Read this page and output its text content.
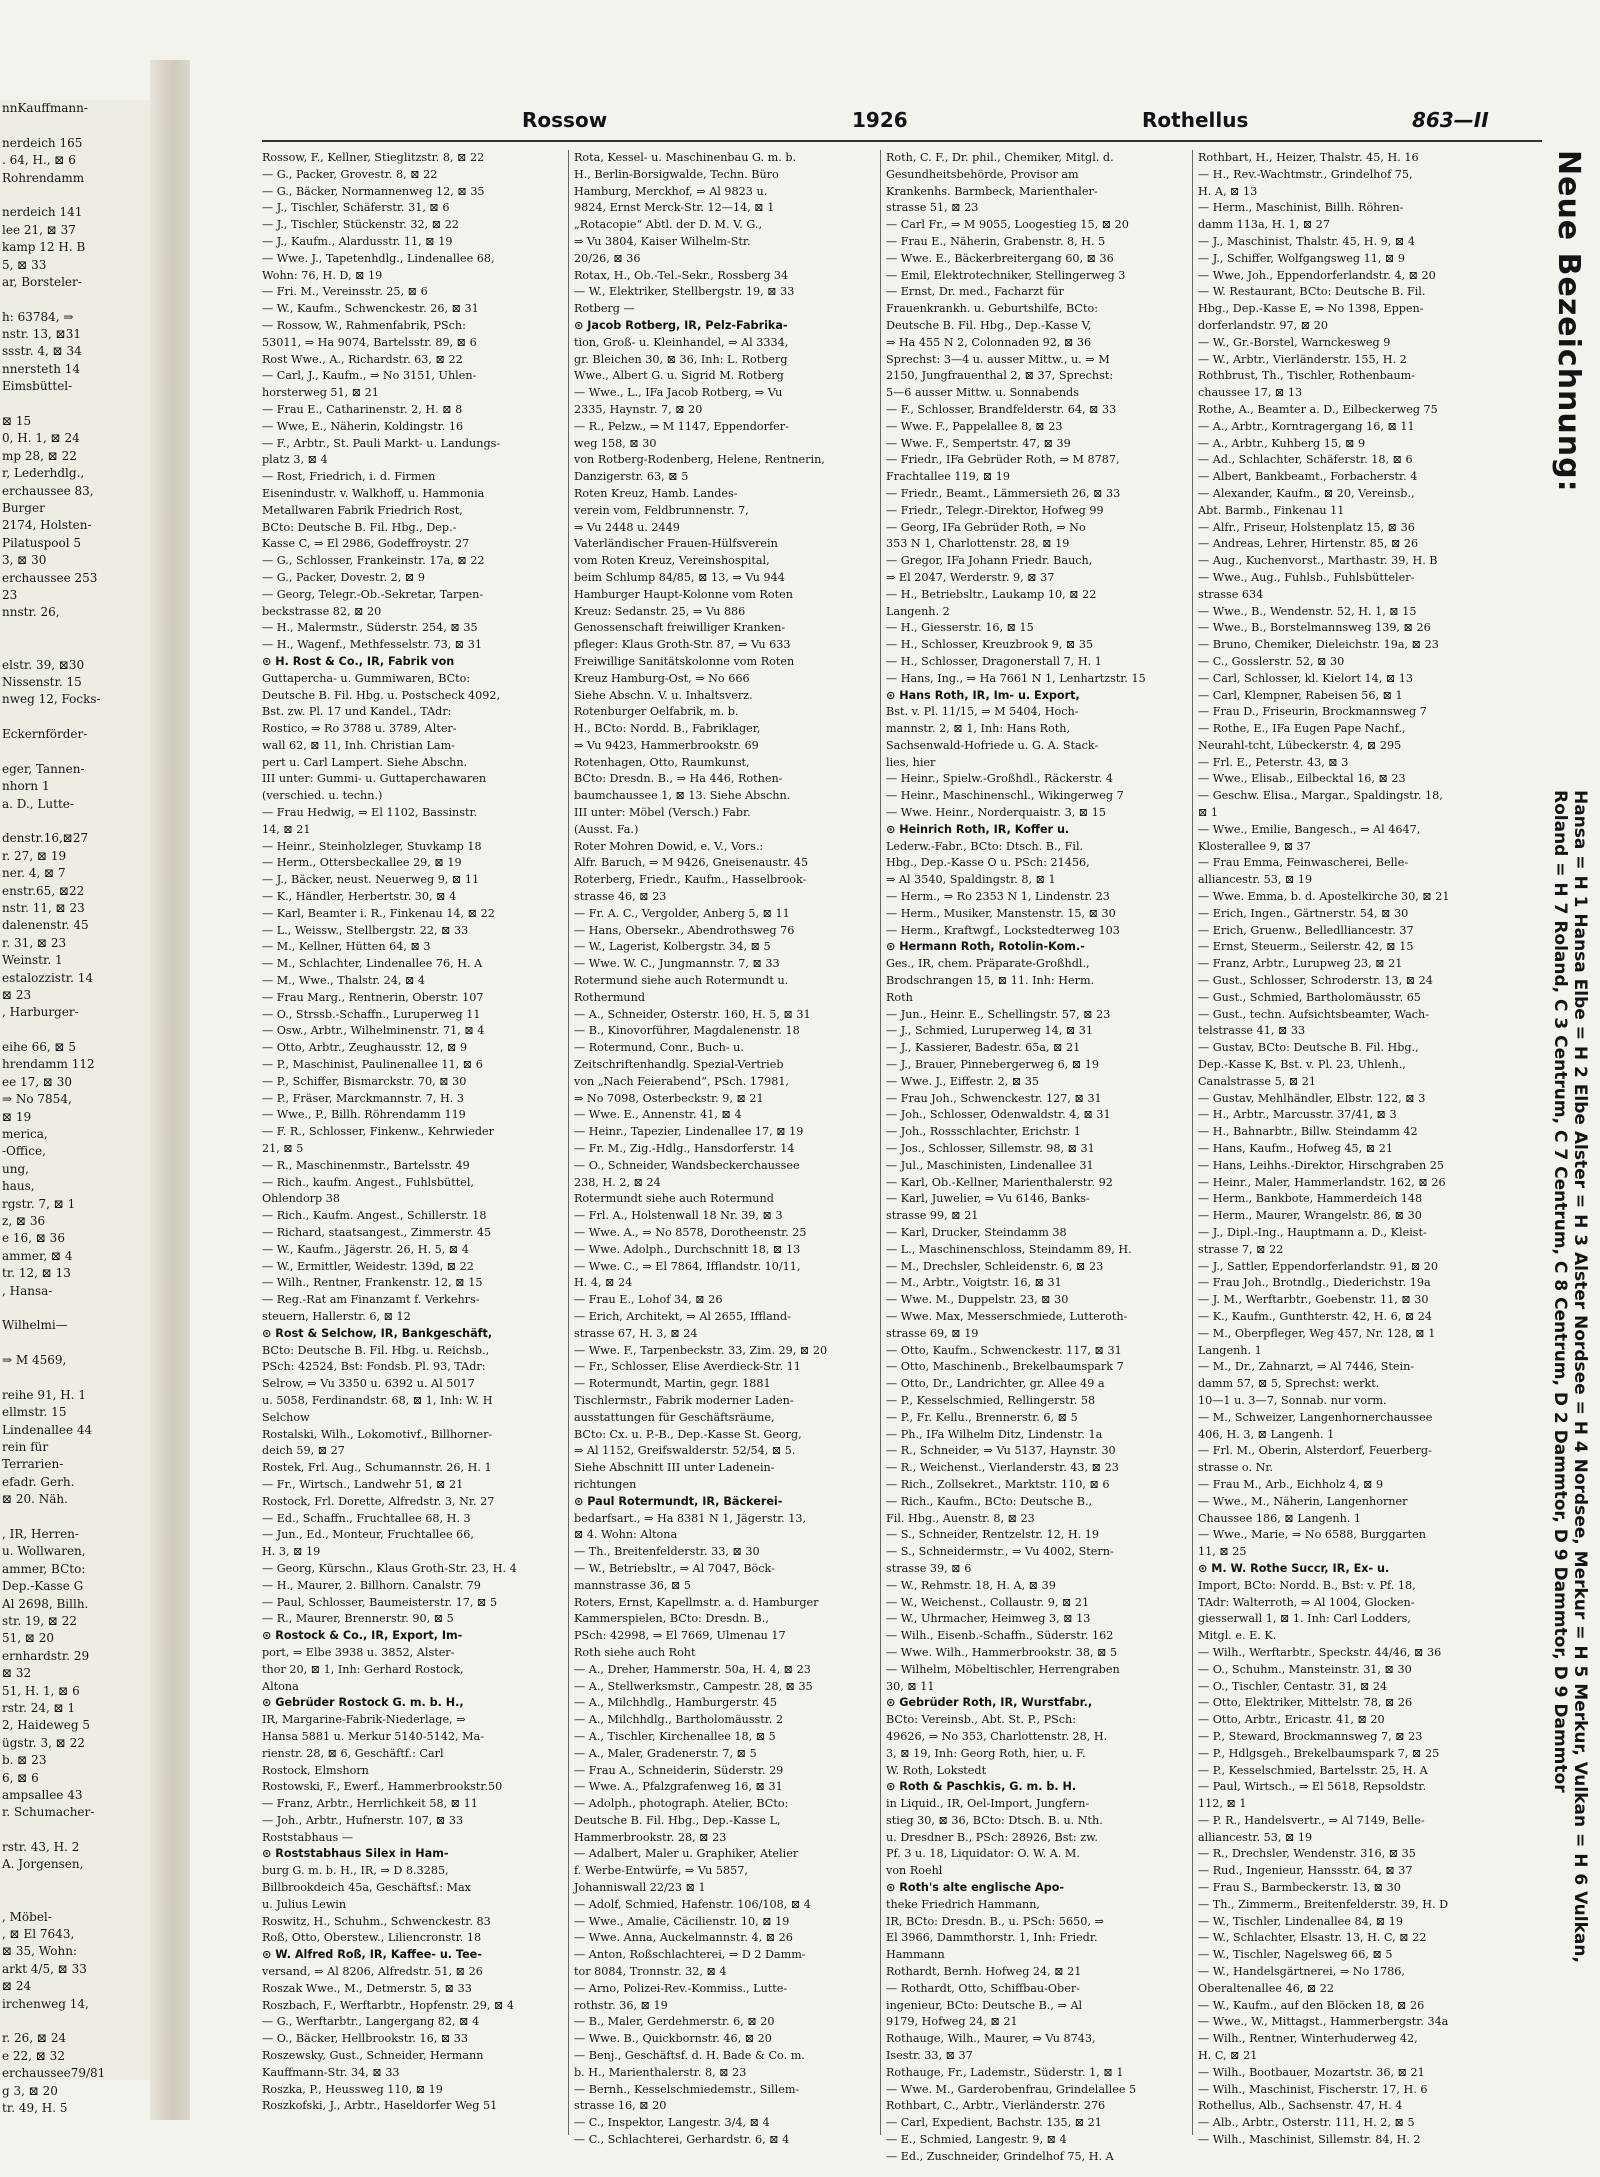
nnKauffmann-
nerdeich 165
. 64, H., ⊠ 6
Rohrendamm
nerdeich 141
lee 21, ⊠ 37
kamp 12 H. B
5, ⊠ 33
ar, Borsteler-
h: 63784, ⇒
nstr. 13, ⊠31
ssstr. 4, ⊠ 34
nnersteth 14
Eimsbüttel-
⊠ 15
0, H. 1, ⊠ 24
mp 28, ⊠ 22
r, Lederhdlg.,
erchaussee 83,
Burger
2174, Holsten-
Pilatuspool 5
3, ⊠ 30
erchaussee 253
23
nnstr. 26,
elstr. 39, ⊠30
Nissenstr. 15
nweg 12, Focks-
Eckernförder-
eger, Tannen-
nhorn 1
a. D., Lutte-
denstr.16,⊠27
r. 27, ⊠ 19
ner. 4, ⊠ 7
enstr.65, ⊠22
nstr. 11, ⊠ 23
dalenenstr. 45
r. 31, ⊠ 23
Weinstr. 1
estalozzistr. 14
⊠ 23
, Harburger-
eihe 66, ⊠ 5
hrendamm 112
ee 17, ⊠ 30
⇒ No 7854,
⊠ 19
merica,
-Office,
ung,
haus,
rgstr. 7, ⊠ 1
z, ⊠ 36
e 16, ⊠ 36
ammer, ⊠ 4
tr. 12, ⊠ 13
, Hansa-
Wilhelmi—
⇒ M 4569,
reihe 91, H. 1
ellmstr. 15
Lindenallee 44
rein für
Terrarien-
efadr. Gerh.
⊠ 20. Näh.
, IR, Herren-
u. Wollwaren,
ammer, BCto:
Dep.-Kasse G
Al 2698, Billh.
str. 19, ⊠ 22
51, ⊠ 20
ernhardstr. 29
⊠ 32
51, H. 1, ⊠ 6
rstr. 24, ⊠ 1
2, Haideweg 5
ügstr. 3, ⊠ 22
b. ⊠ 23
6, ⊠ 6
ampsallee 43
r. Schumacher-
rstr. 43, H. 2
A. Jorgensen,
, Möbel-
, ⊠ El 7643,
⊠ 35, Wohn:
arkt 4/5, ⊠ 33
⊠ 24
irchenweg 14,
r. 26, ⊠ 24
e 22, ⊠ 32
erchaussee79/81
g 3, ⊠ 20
tr. 49, H. 5
Rossow	1926	Rothellus	863—II
Rossow, F., Kellner, Stieglitzstr. 8, ⊠ 22
— G., Packer, Grovestr. 8, ⊠ 22
— G., Bäcker, Normannenweg 12, ⊠ 35
— J., Tischler, Schäferstr. 31, ⊠ 6
— J., Tischler, Stückenstr. 32, ⊠ 22
— J., Kaufm., Alardusstr. 11, ⊠ 19
— Wwe. J., Tapetenhdlg., Lindenallee 68,
Wohn: 76, H. D, ⊠ 19
— Fri. M., Vereinsstr. 25, ⊠ 6
— W., Kaufm., Schwenckestr. 26, ⊠ 31
— Rossow, W., Rahmenfabrik, PSch:
53011, ⇒ Ha 9074, Bartelsstr. 89, ⊠ 6
Rost Wwe., A., Richardstr. 63, ⊠ 22
— Carl, J., Kaufm., ⇒ No 3151, Uhlen-
horsterweg 51, ⊠ 21
— Frau E., Catharinenstr. 2, H. ⊠ 8
— Wwe, E., Näherin, Koldingstr. 16
— F., Arbtr., St. Pauli Markt- u. Landungs-
platz 3, ⊠ 4
— Rost, Friedrich, i. d. Firmen
Eisenindustr. v. Walkhoff, u. Hammonia
Metallwaren Fabrik Friedrich Rost,
BCto: Deutsche B. Fil. Hbg., Dep.-
Kasse C, ⇒ El 2986, Godeffroystr. 27
— G., Schlosser, Frankeinstr. 17a, ⊠ 22
— G., Packer, Dovestr. 2, ⊠ 9
— Georg, Telegr.-Ob.-Sekretar, Tarpen-
beckstrasse 82, ⊠ 20
— H., Malermstr., Süderstr. 254, ⊠ 35
— H., Wagenf., Methfesselstr. 73, ⊠ 31
⊙ H. Rost & Co., IR, Fabrik von
Guttapercha- u. Gummiwaren, BCto:
Deutsche B. Fil. Hbg. u. Postscheck 4092,
Bst. zw. Pl. 17 und Kandel., TAdr:
Rostico, ⇒ Ro 3788 u. 3789, Alter-
wall 62, ⊠ 11, Inh. Christian Lam-
pert u. Carl Lampert. Siehe Abschn.
III unter: Gummi- u. Guttaperchawaren
(verschied. u. techn.)
— Frau Hedwig, ⇒ El 1102, Bassinstr.
14, ⊠ 21
— Heinr., Steinholzleger, Stuvkamp 18
— Herm., Ottersbeckallee 29, ⊠ 19
— J., Bäcker, neust. Neuerweg 9, ⊠ 11
— K., Händler, Herbertstr. 30, ⊠ 4
— Karl, Beamter i. R., Finkenau 14, ⊠ 22
— L., Weissw., Stellbergstr. 22, ⊠ 33
— M., Kellner, Hütten 64, ⊠ 3
— M., Schlachter, Lindenallee 76, H. A
— M., Wwe., Thalstr. 24, ⊠ 4
— Frau Marg., Rentnerin, Oberstr. 107
— O., Strssb.-Schaffn., Luruperweg 11
— Osw., Arbtr., Wilhelminenstr. 71, ⊠ 4
— Otto, Arbtr., Zeughausstr. 12, ⊠ 9
— P., Maschinist, Paulinenallee 11, ⊠ 6
— P., Schiffer, Bismarckstr. 70, ⊠ 30
— P., Fräser, Marckmannstr. 7, H. 3
— Wwe., P., Billh. Röhrendamm 119
— F. R., Schlosser, Finkenw., Kehrwieder
21, ⊠ 5
— R., Maschinenmstr., Bartelsstr. 49
— Rich., kaufm. Angest., Fuhlsbüttel,
Ohlendorp 38
— Rich., Kaufm. Angest., Schillerstr. 18
— Richard, staatsangest., Zimmerstr. 45
— W., Kaufm., Jägerstr. 26, H. 5, ⊠ 4
— W., Ermittler, Weidestr. 139d, ⊠ 22
— Wilh., Rentner, Frankenstr. 12, ⊠ 15
— Reg.-Rat am Finanzamt f. Verkehrs-
steuern, Hallerstr. 6, ⊠ 12
⊙ Rost & Selchow, IR, Bankgeschäft,
BCto: Deutsche B. Fil. Hbg. u. Reichsb.,
PSch: 42524, Bst: Fondsb. Pl. 93, TAdr:
Selrow, ⇒ Vu 3350 u. 6392 u. Al 5017
u. 5058, Ferdinandstr. 68, ⊠ 1, Inh: W. H
Selchow
Rostalski, Wilh., Lokomotivf., Billhorner-
deich 59, ⊠ 27
Rostek, Frl. Aug., Schumannstr. 26, H. 1
— Fr., Wirtsch., Landwehr 51, ⊠ 21
Rostock, Frl. Dorette, Alfredstr. 3, Nr. 27
— Ed., Schaffn., Fruchtallee 68, H. 3
— Jun., Ed., Monteur, Fruchtallee 66,
H. 3, ⊠ 19
— Georg, Kürschn., Klaus Groth-Str. 23, H. 4
— H., Maurer, 2. Billhorn. Canalstr. 79
— Paul, Schlosser, Baumeisterstr. 17, ⊠ 5
— R., Maurer, Brennerstr. 90, ⊠ 5
⊙ Rostock & Co., IR, Export, Im-
port, ⇒ Elbe 3938 u. 3852, Alster-
thor 20, ⊠ 1, Inh: Gerhard Rostock,
Altona
⊙ Gebrüder Rostock G. m. b. H.,
IR, Margarine-Fabrik-Niederlage, ⇒
Hansa 5881 u. Merkur 5140-5142, Ma-
rienstr. 28, ⊠ 6, Geschäftf.: Carl
Rostock, Elmshorn
Rostowski, F., Ewerf., Hammerbrookstr.50
— Franz, Arbtr., Herrlichkeit 58, ⊠ 11
— Joh., Arbtr., Hufnerstr. 107, ⊠ 33
Roststabhaus —
⊙ Roststabhaus Silex in Ham-
burg G. m. b. H., IR, ⇒ D 8.3285,
Billbrookdeich 45a, Geschäftsf.: Max
u. Julius Lewin
Roswitz, H., Schuhm., Schwenckestr. 83
Roß, Otto, Oberstew., Liliencronstr. 18
⊙ W. Alfred Roß, IR, Kaffee- u. Tee-
versand, ⇒ Al 8206, Alfredstr. 51, ⊠ 26
Roszak Wwe., M., Detmerstr. 5, ⊠ 33
Roszbach, F., Werftarbtr., Hopfenstr. 29, ⊠ 4
— G., Werftarbtr., Langergang 82, ⊠ 4
— O., Bäcker, Hellbrookstr. 16, ⊠ 33
Roszewsky, Gust., Schneider, Hermann
Kauffmann-Str. 34, ⊠ 33
Roszka, P., Heussweg 110, ⊠ 19
Roszkofski, J., Arbtr., Haseldorfer Weg 51
Rota, Kessel- u. Maschinenbau G. m. b.
H., Berlin-Borsigwalde, Techn. Büro
Hamburg, Merckhof, ⇒ Al 9823 u.
9824, Ernst Merck-Str. 12—14, ⊠ 1
„Rotacopie“ Abtl. der D. M. V. G.,
⇒ Vu 3804, Kaiser Wilhelm-Str.
20/26, ⊠ 36
Rotax, H., Ob.-Tel.-Sekr., Rossberg 34
— W., Elektriker, Stellbergstr. 19, ⊠ 33
Rotberg —
⊙ Jacob Rotberg, IR, Pelz-Fabrika-
tion, Groß- u. Kleinhandel, ⇒ Al 3334,
gr. Bleichen 30, ⊠ 36, Inh: L. Rotberg
Wwe., Albert G. u. Sigrid M. Rotberg
— Wwe., L., IFa Jacob Rotberg, ⇒ Vu
2335, Haynstr. 7, ⊠ 20
— R., Pelzw., ⇒ M 1147, Eppendorfer-
weg 158, ⊠ 30
von Rotberg-Rodenberg, Helene, Rentnerin,
Danzigerstr. 63, ⊠ 5
Roten Kreuz, Hamb. Landes-
verein vom, Feldbrunnenstr. 7,
⇒ Vu 2448 u. 2449
Vaterländischer Frauen-Hülfsverein
vom Roten Kreuz, Vereinshospital,
beim Schlump 84/85, ⊠ 13, ⇒ Vu 944
Hamburger Haupt-Kolonne vom Roten
Kreuz: Sedanstr. 25, ⇒ Vu 886
Genossenschaft freiwilliger Kranken-
pfleger: Klaus Groth-Str. 87, ⇒ Vu 633
Freiwillige Sanitätskolonne vom Roten
Kreuz Hamburg-Ost, ⇒ No 666
Siehe Abschn. V. u. Inhaltsverz.
Rotenburger Oelfabrik, m. b.
H., BCto: Nordd. B., Fabriklager,
⇒ Vu 9423, Hammerbrookstr. 69
Rotenhagen, Otto, Raumkunst,
BCto: Dresdn. B., ⇒ Ha 446, Rothen-
baumchaussee 1, ⊠ 13. Siehe Abschn.
III unter: Möbel (Versch.) Fabr.
(Ausst. Fa.)
Roter Mohren Dowid, e. V., Vors.:
Alfr. Baruch, ⇒ M 9426, Gneisenaustr. 45
Roterberg, Friedr., Kaufm., Hasselbrook-
strasse 46, ⊠ 23
— Fr. A. C., Vergolder, Anberg 5, ⊠ 11
— Hans, Obersekr., Abendrothsweg 76
— W., Lagerist, Kolbergstr. 34, ⊠ 5
— Wwe. W. C., Jungmannstr. 7, ⊠ 33
Rotermund siehe auch Rotermundt u.
Rothermund
— A., Schneider, Osterstr. 160, H. 5, ⊠ 31
— B., Kinovorführer, Magdalenenstr. 18
— Rotermund, Conr., Buch- u.
Zeitschriftenhandlg. Spezial-Vertrieb
von „Nach Feierabend“, PSch. 17981,
⇒ No 7098, Osterbeckstr. 9, ⊠ 21
— Wwe. E., Annenstr. 41, ⊠ 4
— Heinr., Tapezier, Lindenallee 17, ⊠ 19
— Fr. M., Zig.-Hdlg., Hansdorferstr. 14
— O., Schneider, Wandsbeckerchaussee
238, H. 2, ⊠ 24
Rotermundt siehe auch Rotermund
— Frl. A., Holstenwall 18 Nr. 39, ⊠ 3
— Wwe. A., ⇒ No 8578, Dorotheenstr. 25
— Wwe. Adolph., Durchschnitt 18, ⊠ 13
— Wwe. C., ⇒ El 7864, Ifflandstr. 10/11,
H. 4, ⊠ 24
— Frau E., Lohof 34, ⊠ 26
— Erich, Architekt, ⇒ Al 2655, Iffland-
strasse 67, H. 3, ⊠ 24
— Wwe. F., Tarpenbeckstr. 33, Zim. 29, ⊠ 20
— Fr., Schlosser, Elise Averdieck-Str. 11
— Rotermundt, Martin, gegr. 1881
Tischlermstr., Fabrik moderner Laden-
ausstattungen für Geschäftsräume,
BCto: Cx. u. P.-B., Dep.-Kasse St. Georg,
⇒ Al 1152, Greifswalderstr. 52/54, ⊠ 5.
Siehe Abschnitt III unter Ladenein-
richtungen
⊙ Paul Rotermundt, IR, Bäckerei-
bedarfsart., ⇒ Ha 8381 N 1, Jägerstr. 13,
⊠ 4. Wohn: Altona
— Th., Breitenfelderstr. 33, ⊠ 30
— W., Betriebsltr., ⇒ Al 7047, Böck-
mannstrasse 36, ⊠ 5
Roters, Ernst, Kapellmstr. a. d. Hamburger
Kammerspielen, BCto: Dresdn. B.,
PSch: 42998, ⇒ El 7669, Ulmenau 17
Roth siehe auch Roht
— A., Dreher, Hammerstr. 50a, H. 4, ⊠ 23
— A., Stellwerksmstr., Campestr. 28, ⊠ 35
— A., Milchhdlg., Hamburgerstr. 45
— A., Milchhdlg., Bartholomäusstr. 2
— A., Tischler, Kirchenallee 18, ⊠ 5
— A., Maler, Gradenerstr. 7, ⊠ 5
— Frau A., Schneiderin, Süderstr. 29
— Wwe. A., Pfalzgrafenweg 16, ⊠ 31
— Adolph., photograph. Atelier, BCto:
Deutsche B. Fil. Hbg., Dep.-Kasse L,
Hammerbrookstr. 28, ⊠ 23
— Adalbert, Maler u. Graphiker, Atelier
f. Werbe-Entwürfe, ⇒ Vu 5857,
Johanniswall 22/23 ⊠ 1
— Adolf, Schmied, Hafenstr. 106/108, ⊠ 4
— Wwe., Amalie, Cäcilienstr. 10, ⊠ 19
— Wwe. Anna, Auckelmannstr. 4, ⊠ 26
— Anton, Roßschlachterei, ⇒ D 2 Damm-
tor 8084, Tronnstr. 32, ⊠ 4
— Arno, Polizei-Rev.-Kommiss., Lutte-
rothstr. 36, ⊠ 19
— B., Maler, Gerdehmerstr. 6, ⊠ 20
— Wwe. B., Quickbornstr. 46, ⊠ 20
— Benj., Geschäftsf. d. H. Bade & Co. m.
b. H., Marienthalerstr. 8, ⊠ 23
— Bernh., Kesselschmiedemstr., Sillem-
strasse 16, ⊠ 20
— C., Inspektor, Langestr. 3/4, ⊠ 4
— C., Schlachterei, Gerhardstr. 6, ⊠ 4
Roth, C. F., Dr. phil., Chemiker, Mitgl. d.
Gesundheitsbehörde, Provisor am
Krankenhs. Barmbeck, Marienthaler-
strasse 51, ⊠ 23
— Carl Fr., ⇒ M 9055, Loogestieg 15, ⊠ 20
— Frau E., Näherin, Grabenstr. 8, H. 5
— Wwe. E., Bäckerbreitergang 60, ⊠ 36
— Emil, Elektrotechniker, Stellingerweg 3
— Ernst, Dr. med., Facharzt für
Frauenkrankh. u. Geburtshilfe, BCto:
Deutsche B. Fil. Hbg., Dep.-Kasse V,
⇒ Ha 455 N 2, Colonnaden 92, ⊠ 36
Sprechst: 3—4 u. ausser Mittw., u. ⇒ M
2150, Jungfrauenthal 2, ⊠ 37, Sprechst:
5—6 ausser Mittw. u. Sonnabends
— F., Schlosser, Brandfelderstr. 64, ⊠ 33
— Wwe. F., Pappelallee 8, ⊠ 23
— Wwe. F., Sempertstr. 47, ⊠ 39
— Friedr., IFa Gebrüder Roth, ⇒ M 8787,
Frachtallee 119, ⊠ 19
— Friedr., Beamt., Lämmersieth 26, ⊠ 33
— Friedr., Telegr.-Direktor, Hofweg 99
— Georg, IFa Gebrüder Roth, ⇒ No
353 N 1, Charlottenstr. 28, ⊠ 19
— Gregor, IFa Johann Friedr. Bauch,
⇒ El 2047, Werderstr. 9, ⊠ 37
— H., Betriebsltr., Laukamp 10, ⊠ 22
Langenh. 2
— H., Giesserstr. 16, ⊠ 15
— H., Schlosser, Kreuzbrook 9, ⊠ 35
— H., Schlosser, Dragonerstall 7, H. 1
— Hans, Ing., ⇒ Ha 7661 N 1, Lenhartzstr. 15
⊙ Hans Roth, IR, Im- u. Export,
Bst. v. Pl. 11/15, ⇒ M 5404, Hoch-
mannstr. 2, ⊠ 1, Inh: Hans Roth,
Sachsenwald-Hofriede u. G. A. Stack-
lies, hier
— Heinr., Spielw.-Großhdl., Räckerstr. 4
— Heinr., Maschinenschl., Wikingerweg 7
— Wwe. Heinr., Norderquaistr. 3, ⊠ 15
⊙ Heinrich Roth, IR, Koffer u.
Lederw.-Fabr., BCto: Dtsch. B., Fil.
Hbg., Dep.-Kasse O u. PSch: 21456,
⇒ Al 3540, Spaldingstr. 8, ⊠ 1
— Herm., ⇒ Ro 2353 N 1, Lindenstr. 23
— Herm., Musiker, Manstenstr. 15, ⊠ 30
— Herm., Kraftwgf., Lockstedterweg 103
⊙ Hermann Roth, Rotolin-Kom.-
Ges., IR, chem. Präparate-Großhdl.,
Brodschrangen 15, ⊠ 11. Inh: Herm.
Roth
— Jun., Heinr. E., Schellingstr. 57, ⊠ 23
— J., Schmied, Luruperweg 14, ⊠ 31
— J., Kassierer, Badestr. 65a, ⊠ 21
— J., Brauer, Pinnebergerweg 6, ⊠ 19
— Wwe. J., Eiffestr. 2, ⊠ 35
— Frau Joh., Schwenckestr. 127, ⊠ 31
— Joh., Schlosser, Odenwaldstr. 4, ⊠ 31
— Joh., Rossschlachter, Erichstr. 1
— Jos., Schlosser, Sillemstr. 98, ⊠ 31
— Jul., Maschinisten, Lindenallee 31
— Karl, Ob.-Kellner, Marienthalerstr. 92
— Karl, Juwelier, ⇒ Vu 6146, Banks-
strasse 99, ⊠ 21
— Karl, Drucker, Steindamm 38
— L., Maschinenschloss, Steindamm 89, H.
— M., Drechsler, Schleidenstr. 6, ⊠ 23
— M., Arbtr., Voigtstr. 16, ⊠ 31
— Wwe. M., Duppelstr. 23, ⊠ 30
— Wwe. Max, Messerschmiede, Lutteroth-
strasse 69, ⊠ 19
— Otto, Kaufm., Schwenckestr. 117, ⊠ 31
— Otto, Maschinenb., Brekelbaumspark 7
— Otto, Dr., Landrichter, gr. Allee 49 a
— P., Kesselschmied, Rellingerstr. 58
— P., Fr. Kellu., Brennerstr. 6, ⊠ 5
— Ph., IFa Wilhelm Ditz, Lindenstr. 1a
— R., Schneider, ⇒ Vu 5137, Haynstr. 30
— R., Weichenst., Vierlanderstr. 43, ⊠ 23
— Rich., Zollsekret., Marktstr. 110, ⊠ 6
— Rich., Kaufm., BCto: Deutsche B.,
Fil. Hbg., Auenstr. 8, ⊠ 23
— S., Schneider, Rentzelstr. 12, H. 19
— S., Schneidermstr., ⇒ Vu 4002, Stern-
strasse 39, ⊠ 6
— W., Rehmstr. 18, H. A, ⊠ 39
— W., Weichenst., Collaustr. 9, ⊠ 21
— W., Uhrmacher, Heimweg 3, ⊠ 13
— Wilh., Eisenb.-Schaffn., Süderstr. 162
— Wwe. Wilh., Hammerbrookstr. 38, ⊠ 5
— Wilhelm, Möbeltischler, Herrengraben
30, ⊠ 11
⊙ Gebrüder Roth, IR, Wurstfabr.,
BCto: Vereinsb., Abt. St. P., PSch:
49626, ⇒ No 353, Charlottenstr. 28, H.
3, ⊠ 19, Inh: Georg Roth, hier, u. F.
W. Roth, Lokstedt
⊙ Roth & Paschkis, G. m. b. H.
in Liquid., IR, Oel-Import, Jungfern-
stieg 30, ⊠ 36, BCto: Dtsch. B. u. Nth.
u. Dresdner B., PSch: 28926, Bst: zw.
Pf. 3 u. 18, Liquidator: O. W. A. M.
von Roehl
⊙ Roth's alte englische Apo-
theke Friedrich Hammann,
IR, BCto: Dresdn. B., u. PSch: 5650, ⇒
El 3966, Dammthorstr. 1, Inh: Friedr.
Hammann
Rothardt, Bernh. Hofweg 24, ⊠ 21
— Rothardt, Otto, Schiffbau-Ober-
ingenieur, BCto: Deutsche B., ⇒ Al
9179, Hofweg 24, ⊠ 21
Rothauge, Wilh., Maurer, ⇒ Vu 8743,
Isestr. 33, ⊠ 37
Rothauge, Fr., Lademstr., Süderstr. 1, ⊠ 1
— Wwe. M., Garderobenfrau, Grindelallee 5
Rothbart, C., Arbtr., Vierländerstr. 276
— Carl, Expedient, Bachstr. 135, ⊠ 21
— E., Schmied, Langestr. 9, ⊠ 4
— Ed., Zuschneider, Grindelhof 75, H. A
Rothbart, H., Heizer, Thalstr. 45, H. 16
— H., Rev.-Wachtmstr., Grindelhof 75,
H. A, ⊠ 13
— Herm., Maschinist, Billh. Röhren-
damm 113a, H. 1, ⊠ 27
— J., Maschinist, Thalstr. 45, H. 9, ⊠ 4
— J., Schiffer, Wolfgangsweg 11, ⊠ 9
— Wwe, Joh., Eppendorferlandstr. 4, ⊠ 20
— W. Restaurant, BCto: Deutsche B. Fil.
Hbg., Dep.-Kasse E, ⇒ No 1398, Eppen-
dorferlandstr. 97, ⊠ 20
— W., Gr.-Borstel, Warnckesweg 9
— W., Arbtr., Vierländerstr. 155, H. 2
Rothbrust, Th., Tischler, Rothenbaum-
chaussee 17, ⊠ 13
Rothe, A., Beamter a. D., Eilbeckerweg 75
— A., Arbtr., Korntragergang 16, ⊠ 11
— A., Arbtr., Kuhberg 15, ⊠ 9
— Ad., Schlachter, Schäferstr. 18, ⊠ 6
— Albert, Bankbeamt., Forbacherstr. 4
— Alexander, Kaufm., ⊠ 20, Vereinsb.,
Abt. Barmb., Finkenau 11
— Alfr., Friseur, Holstenplatz 15, ⊠ 36
— Andreas, Lehrer, Hirtenstr. 85, ⊠ 26
— Aug., Kuchenvorst., Marthastr. 39, H. B
— Wwe., Aug., Fuhlsb., Fuhlsbütteler-
strasse 634
— Wwe., B., Wendenstr. 52, H. 1, ⊠ 15
— Wwe., B., Borstelmannsweg 139, ⊠ 26
— Bruno, Chemiker, Dieleichstr. 19a, ⊠ 23
— C., Gosslerstr. 52, ⊠ 30
— Carl, Schlosser, kl. Kielort 14, ⊠ 13
— Carl, Klempner, Rabeisen 56, ⊠ 1
— Frau D., Friseurin, Brockmannsweg 7
— Rothe, E., IFa Eugen Pape Nachf.,
Neurahl-tcht, Lübeckerstr. 4, ⊠ 295
— Frl. E., Peterstr. 43, ⊠ 3
— Wwe., Elisab., Eilbecktal 16, ⊠ 23
— Geschw. Elisa., Margar., Spaldingstr. 18,
⊠ 1
— Wwe., Emilie, Bangesch., ⇒ Al 4647,
Klosterallee 9, ⊠ 37
— Frau Emma, Feinwascherei, Belle-
alliancestr. 53, ⊠ 19
— Wwe. Emma, b. d. Apostelkirche 30, ⊠ 21
— Erich, Ingen., Gärtnerstr. 54, ⊠ 30
— Erich, Gruenw., Belledlliancestr. 37
— Ernst, Steuerm., Seilerstr. 42, ⊠ 15
— Franz, Arbtr., Lurupweg 23, ⊠ 21
— Gust., Schlosser, Schroderstr. 13, ⊠ 24
— Gust., Schmied, Bartholomäusstr. 65
— Gust., techn. Aufsichtsbeamter, Wach-
telstrasse 41, ⊠ 33
— Gustav, BCto: Deutsche B. Fil. Hbg.,
Dep.-Kasse K, Bst. v. Pl. 23, Uhlenh.,
Canalstrasse 5, ⊠ 21
— Gustav, Mehlhändler, Elbstr. 122, ⊠ 3
— H., Arbtr., Marcusstr. 37/41, ⊠ 3
— H., Bahnarbtr., Billw. Steindamm 42
— Hans, Kaufm., Hofweg 45, ⊠ 21
— Hans, Leihhs.-Direktor, Hirschgraben 25
— Heinr., Maler, Hammerlandstr. 162, ⊠ 26
— Herm., Bankbote, Hammerdeich 148
— Herm., Maurer, Wrangelstr. 86, ⊠ 30
— J., Dipl.-Ing., Hauptmann a. D., Kleist-
strasse 7, ⊠ 22
— J., Sattler, Eppendorferlandstr. 91, ⊠ 20
— Frau Joh., Brotndlg., Diederichstr. 19a
— J. M., Werftarbtr., Goebenstr. 11, ⊠ 30
— K., Kaufm., Gunthterstr. 42, H. 6, ⊠ 24
— M., Oberpfleger, Weg 457, Nr. 128, ⊠ 1
Langenh. 1
— M., Dr., Zahnarzt, ⇒ Al 7446, Stein-
damm 57, ⊠ 5, Sprechst: werkt.
10—1 u. 3—7, Sonnab. nur vorm.
— M., Schweizer, Langenhornerchaussee
406, H. 3, ⊠ Langenh. 1
— Frl. M., Oberin, Alsterdorf, Feuerberg-
strasse o. Nr.
— Frau M., Arb., Eichholz 4, ⊠ 9
— Wwe., M., Näherin, Langenhorner
Chaussee 186, ⊠ Langenh. 1
— Wwe., Marie, ⇒ No 6588, Burggarten
11, ⊠ 25
⊙ M. W. Rothe Succr, IR, Ex- u.
Import, BCto: Nordd. B., Bst: v. Pf. 18,
TAdr: Walterroth, ⇒ Al 1004, Glocken-
giesserwall 1, ⊠ 1. Inh: Carl Lodders,
Mitgl. e. E. K.
— Wilh., Werftarbtr., Speckstr. 44/46, ⊠ 36
— O., Schuhm., Mansteinstr. 31, ⊠ 30
— O., Tischler, Centastr. 31, ⊠ 24
— Otto, Elektriker, Mittelstr. 78, ⊠ 26
— Otto, Arbtr., Ericastr. 41, ⊠ 20
— P., Steward, Brockmannsweg 7, ⊠ 23
— P., Hdlgsgeh., Brekelbaumspark 7, ⊠ 25
— P., Kesselschmied, Bartelsstr. 25, H. A
— Paul, Wirtsch., ⇒ El 5618, Repsoldstr.
112, ⊠ 1
— P. R., Handelsvertr., ⇒ Al 7149, Belle-
alliancestr. 53, ⊠ 19
— R., Drechsler, Wendenstr. 316, ⊠ 35
— Rud., Ingenieur, Hanssstr. 64, ⊠ 37
— Frau S., Barmbeckerstr. 13, ⊠ 30
— Th., Zimmerm., Breitenfelderstr. 39, H. D
— W., Tischler, Lindenallee 84, ⊠ 19
— W., Schlachter, Elsastr. 13, H. C, ⊠ 22
— W., Tischler, Nagelsweg 66, ⊠ 5
— W., Handelsgärtnerei, ⇒ No 1786,
Oberaltenallee 46, ⊠ 22
— W., Kaufm., auf den Blöcken 18, ⊠ 26
— Wwe., W., Mittagst., Hammerbergstr. 34a
— Wilh., Rentner, Winterhuderweg 42,
H. C, ⊠ 21
— Wilh., Bootbauer, Mozartstr. 36, ⊠ 21
— Wilh., Maschinist, Fischerstr. 17, H. 6
Rothellus, Alb., Sachsenstr. 47, H. 4
— Alb., Arbtr., Osterstr. 111, H. 2, ⊠ 5
— Wilh., Maschinist, Sillemstr. 84, H. 2
Neue Bezeichnung:
Hansa = H 1 Hansa Elbe = H 2 Elbe Alster = H 3 Alster Nordsee = H 4 Nordsee, Merkur = H 5 Merkur, Vulkan = H 6 Vulkan,
Roland = H 7 Roland, C 3 Centrum, C 7 Centrum, C 8 Centrum, D 2 Dammtor, D 9 Dammtor, D 9 Dammtor
